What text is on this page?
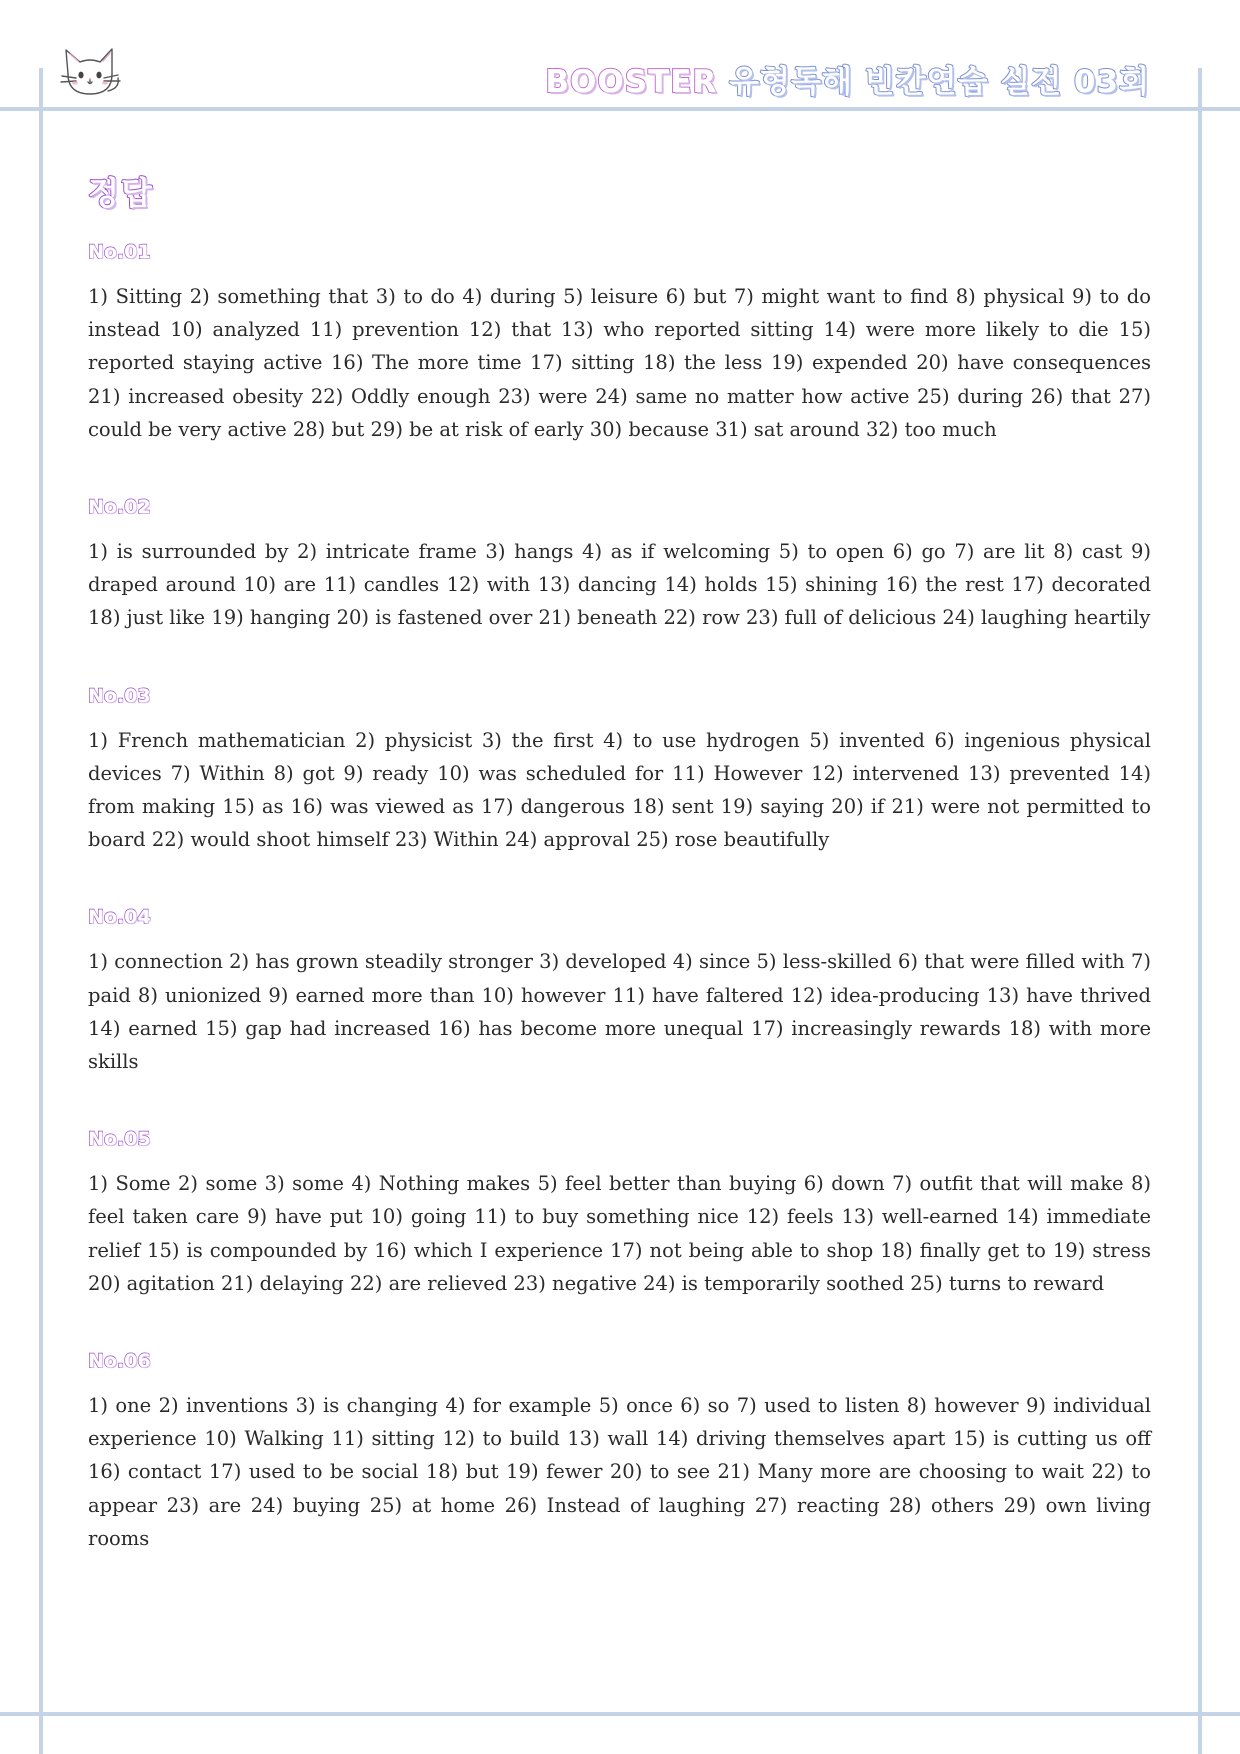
BOOSTER 유형독해 빈칸연습 실전 03회
정답
No.01

1) Sitting 2) something that 3) to do 4) during 5) leisure 6) but 7) might want to find 8) physical 9) to do instead 10) analyzed 11) prevention 12) that 13) who reported sitting 14) were more likely to die 15) reported staying active 16) The more time 17) sitting 18) the less 19) expended 20) have consequences 21) increased obesity 22) Oddly enough 23) were 24) same no matter how active 25) during 26) that 27) could be very active 28) but 29) be at risk of early 30) because 31) sat around 32) too much

No.02

1) is surrounded by 2) intricate frame 3) hangs 4) as if welcoming 5) to open 6) go 7) are lit 8) cast 9) draped around 10) are 11) candles 12) with 13) dancing 14) holds 15) shining 16) the rest 17) decorated 18) just like 19) hanging 20) is fastened over 21) beneath 22) row 23) full of delicious 24) laughing heartily

No.03

1) French mathematician 2) physicist 3) the first 4) to use hydrogen 5) invented 6) ingenious physical devices 7) Within 8) got 9) ready 10) was scheduled for 11) However 12) intervened 13) prevented 14) from making 15) as 16) was viewed as 17) dangerous 18) sent 19) saying 20) if 21) were not permitted to board 22) would shoot himself 23) Within 24) approval 25) rose beautifully

No.04

1) connection 2) has grown steadily stronger 3) developed 4) since 5) less-skilled 6) that were filled with 7) paid 8) unionized 9) earned more than 10) however 11) have faltered 12) idea-producing 13) have thrived 14) earned 15) gap had increased 16) has become more unequal 17) increasingly rewards 18) with more skills

No.05

1) Some 2) some 3) some 4) Nothing makes 5) feel better than buying 6) down 7) outfit that will make 8) feel taken care 9) have put 10) going 11) to buy something nice 12) feels 13) well-earned 14) immediate relief 15) is compounded by 16) which I experience 17) not being able to shop 18) finally get to 19) stress 20) agitation 21) delaying 22) are relieved 23) negative 24) is temporarily soothed 25) turns to reward

No.06

1) one 2) inventions 3) is changing 4) for example 5) once 6) so 7) used to listen 8) however 9) individual experience 10) Walking 11) sitting 12) to build 13) wall 14) driving themselves apart 15) is cutting us off 16) contact 17) used to be social 18) but 19) fewer 20) to see 21) Many more are choosing to wait 22) to appear 23) are 24) buying 25) at home 26) Instead of laughing 27) reacting 28) others 29) own living rooms
